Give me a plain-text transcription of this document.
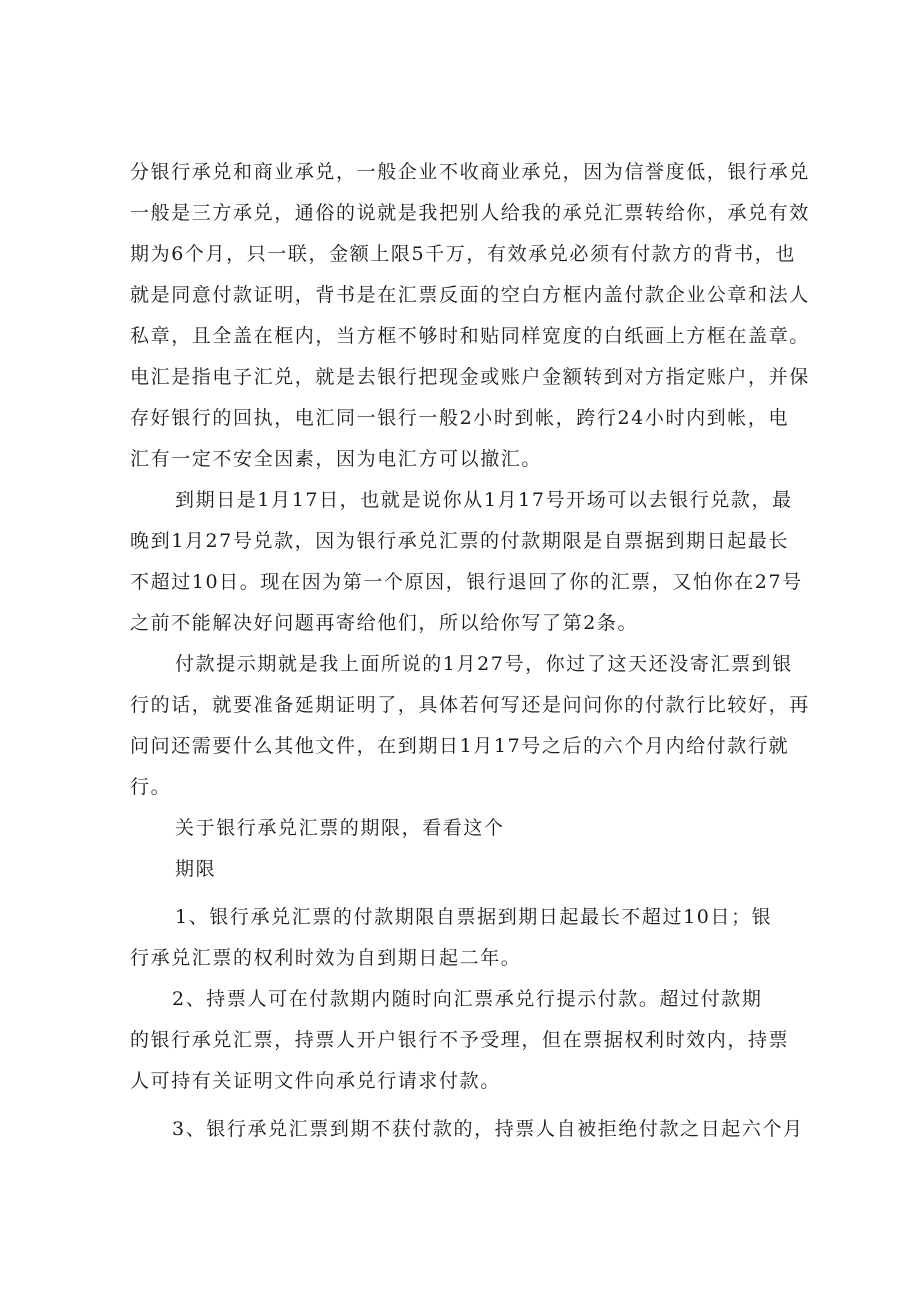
分银行承兑和商业承兑，一般企业不收商业承兑，因为信誉度低，银行承兑

一般是三方承兑，通俗的说就是我把别人给我的承兑汇票转给你，承兑有效

期为6个月，只一联，金额上限5千万，有效承兑必须有付款方的背书，也

就是同意付款证明，背书是在汇票反面的空白方框内盖付款企业公章和法人

私章，且全盖在框内，当方框不够时和贴同样宽度的白纸画上方框在盖章。

电汇是指电子汇兑，就是去银行把现金或账户金额转到对方指定账户，并保

存好银行的回执，电汇同一银行一般2小时到帐，跨行24小时内到帐，电

汇有一定不安全因素，因为电汇方可以撤汇。

到期日是1月17日，也就是说你从1月17号开场可以去银行兑款，最

晚到1月27号兑款，因为银行承兑汇票的付款期限是自票据到期日起最长

不超过10日。现在因为第一个原因，银行退回了你的汇票，又怕你在27号

之前不能解决好问题再寄给他们，所以给你写了第2条。

付款提示期就是我上面所说的1月27号，你过了这天还没寄汇票到银

行的话，就要准备延期证明了，具体若何写还是问问你的付款行比较好，再

问问还需要什么其他文件，在到期日1月17号之后的六个月内给付款行就

行。

关于银行承兑汇票的期限，看看这个

期限

1、银行承兑汇票的付款期限自票据到期日起最长不超过10日；银

行承兑汇票的权利时效为自到期日起二年。

2、持票人可在付款期内随时向汇票承兑行提示付款。超过付款期

的银行承兑汇票，持票人开户银行不予受理，但在票据权利时效内，持票

人可持有关证明文件向承兑行请求付款。

3、银行承兑汇票到期不获付款的，持票人自被拒绝付款之日起六个月
